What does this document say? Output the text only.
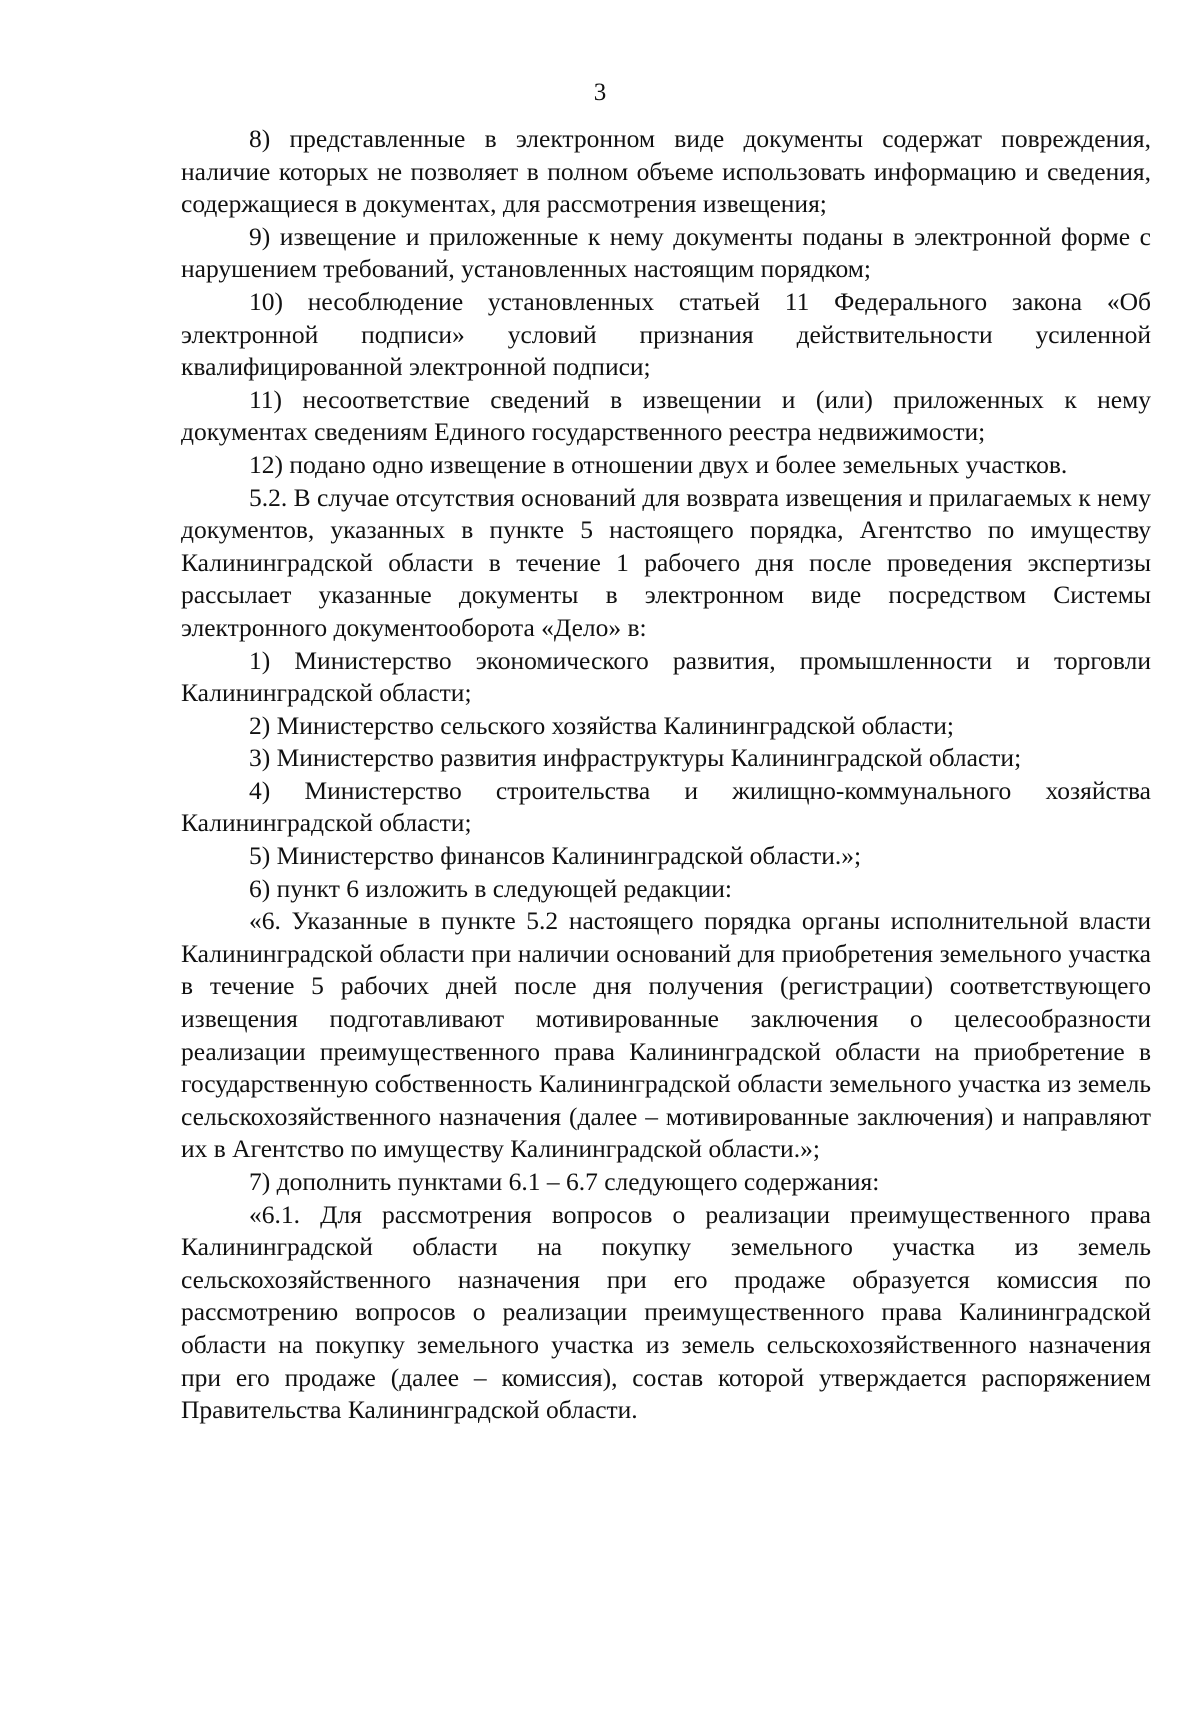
3

8) представленные в электронном виде документы содержат повреждения, наличие которых не позволяет в полном объеме использовать информацию и сведения, содержащиеся в документах, для рассмотрения извещения;

9) извещение и приложенные к нему документы поданы в электронной форме с нарушением требований, установленных настоящим порядком;

10) несоблюдение установленных статьей 11 Федерального закона «Об электронной подписи» условий признания действительности усиленной квалифицированной электронной подписи;

11) несоответствие сведений в извещении и (или) приложенных к нему документах сведениям Единого государственного реестра недвижимости;

12) подано одно извещение в отношении двух и более земельных участков.

5.2. В случае отсутствия оснований для возврата извещения и прилагаемых к нему документов, указанных в пункте 5 настоящего порядка, Агентство по имуществу Калининградской области в течение 1 рабочего дня после проведения экспертизы рассылает указанные документы в электронном виде посредством Системы электронного документооборота «Дело» в:

1) Министерство экономического развития, промышленности и торговли Калининградской области;

2) Министерство сельского хозяйства Калининградской области;

3) Министерство развития инфраструктуры Калининградской области;

4) Министерство строительства и жилищно-коммунального хозяйства Калининградской области;

5) Министерство финансов Калининградской области.»;

6) пункт 6 изложить в следующей редакции:

«6. Указанные в пункте 5.2 настоящего порядка органы исполнительной власти Калининградской области при наличии оснований для приобретения земельного участка в течение 5 рабочих дней после дня получения (регистрации) соответствующего извещения подготавливают мотивированные заключения о целесообразности реализации преимущественного права Калининградской области на приобретение в государственную собственность Калининградской области земельного участка из земель сельскохозяйственного назначения (далее – мотивированные заключения) и направляют их в Агентство по имуществу Калининградской области.»;

7) дополнить пунктами 6.1 – 6.7 следующего содержания:

«6.1. Для рассмотрения вопросов о реализации преимущественного права Калининградской области на покупку земельного участка из земель сельскохозяйственного назначения при его продаже образуется комиссия по рассмотрению вопросов о реализации преимущественного права Калининградской области на покупку земельного участка из земель сельскохозяйственного назначения при его продаже (далее – комиссия), состав которой утверждается распоряжением Правительства Калининградской области.
